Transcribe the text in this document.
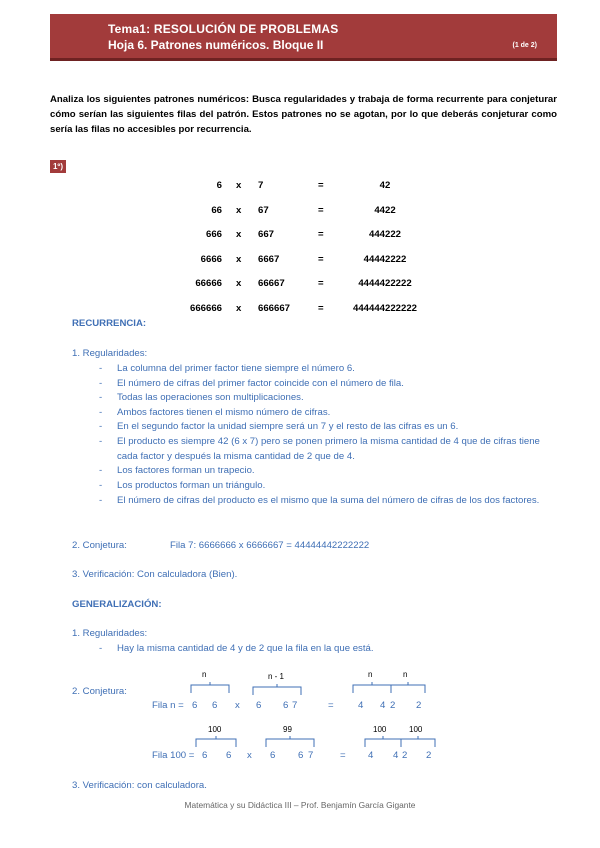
Tema1: RESOLUCIÓN DE PROBLEMAS
Hoja 6. Patrones numéricos. Bloque II	(1 de 2)
Analiza los siguientes patrones numéricos: Busca regularidades y trabaja de forma recurrente para conjeturar cómo serían las siguientes filas del patrón. Estos patrones no se agotan, por lo que deberás conjeturar como sería las filas no accesibles por recurrencia.
1º)
6 x	7	=	42
66 x	67	=	4422
666 x	667	=	444222
6666 x	6667	=	44442222
66666 x	66667	=	4444422222
666666 x	666667	=	444444222222
RECURRENCIA:
1. Regularidades:
- La columna del primer factor tiene siempre el número 6.
- El número de cifras del primer factor coincide con el número de fila.
- Todas las operaciones son multiplicaciones.
- Ambos factores tienen el mismo número de cifras.
- En el segundo factor la unidad siempre será un 7 y el resto de las cifras es un 6.
- El producto es siempre 42 (6 x 7) pero se ponen primero la misma cantidad de 4 que de cifras tiene cada factor y después la misma cantidad de 2 que de 4.
- Los factores forman un trapecio.
- Los productos forman un triángulo.
- El número de cifras del producto es el mismo que la suma del número de cifras de los dos factores.
2. Conjetura:	Fila 7: 6666666 x 6666667 = 44444442222222
3. Verificación: Con calculadora (Bien).
GENERALIZACIÓN:
1. Regularidades:
- Hay la misma cantidad de 4 y de 2 que la fila en la que está.
2. Conjetura:
n	n - 1	n	n
Fila n = 6 6 x 6 6 7	=	4 4 2 2
100	99	100	100
Fila 100 = 6 6 x 6 6 7	= 4 4 2 2
3. Verificación: con calculadora.
Matemática y su Didáctica III – Prof. Benjamín García Gigante
